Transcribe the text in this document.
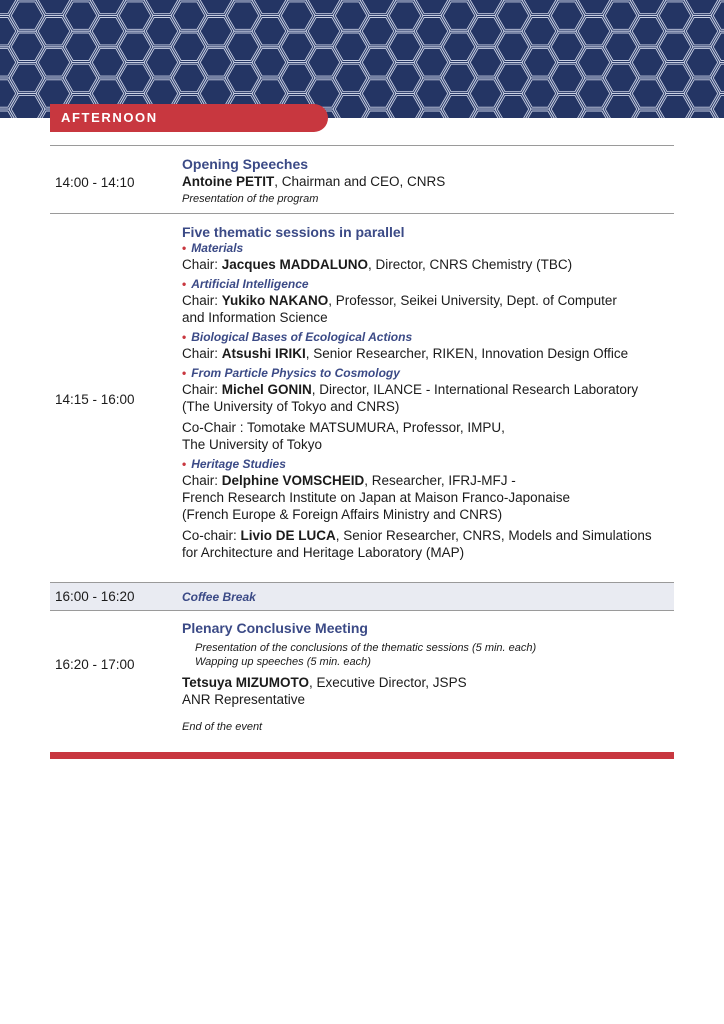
AFTERNOON
14:00 - 14:10
Opening Speeches
Antoine PETIT, Chairman and CEO, CNRS
Presentation of the program
14:15 - 16:00
Five thematic sessions in parallel
• Materials
Chair: Jacques MADDALUNO, Director, CNRS Chemistry (TBC)
• Artificial Intelligence
Chair: Yukiko NAKANO, Professor, Seikei University, Dept. of Computer
and Information Science
• Biological Bases of Ecological Actions
Chair: Atsushi IRIKI, Senior Researcher, RIKEN, Innovation Design Office
• From Particle Physics to Cosmology
Chair: Michel GONIN, Director, ILANCE - International Research Laboratory
(The University of Tokyo and CNRS)
Co-Chair : Tomotake MATSUMURA, Professor, IMPU,
The University of Tokyo
• Heritage Studies
Chair: Delphine VOMSCHEID, Researcher, IFRJ-MFJ -
French Research Institute on Japan at Maison Franco-Japonaise
(French Europe & Foreign Affairs Ministry and CNRS)
Co-chair: Livio DE LUCA, Senior Researcher, CNRS, Models and Simulations
for Architecture and Heritage Laboratory (MAP)
16:00 - 16:20	Coffee Break
16:20 - 17:00
Plenary Conclusive Meeting
Presentation of the conclusions of the thematic sessions (5 min. each)
Wapping up speeches (5 min. each)
Tetsuya MIZUMOTO, Executive Director, JSPS
ANR Representative
End of the event
